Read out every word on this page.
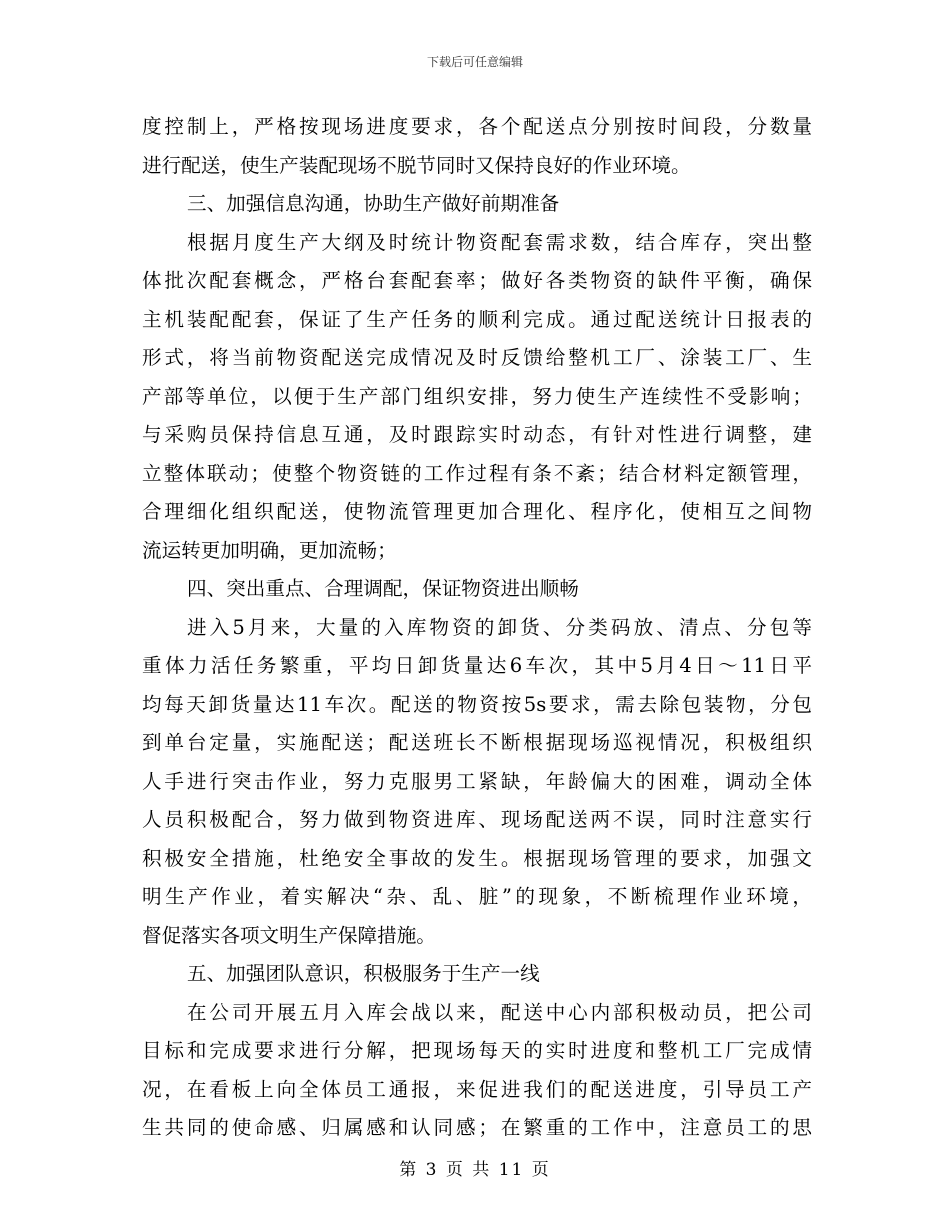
下载后可任意编辑
度控制上，严格按现场进度要求，各个配送点分别按时间段，分数量
进行配送，使生产装配现场不脱节同时又保持良好的作业环境。
三、加强信息沟通，协助生产做好前期准备
根据月度生产大纲及时统计物资配套需求数，结合库存，突出整
体批次配套概念，严格台套配套率；做好各类物资的缺件平衡，确保
主机装配配套，保证了生产任务的顺利完成。通过配送统计日报表的
形式，将当前物资配送完成情况及时反馈给整机工厂、涂装工厂、生
产部等单位，以便于生产部门组织安排，努力使生产连续性不受影响；
与采购员保持信息互通，及时跟踪实时动态，有针对性进行调整，建
立整体联动；使整个物资链的工作过程有条不紊；结合材料定额管理，
合理细化组织配送，使物流管理更加合理化、程序化，使相互之间物
流运转更加明确，更加流畅；
四、突出重点、合理调配，保证物资进出顺畅
进入5月来，大量的入库物资的卸货、分类码放、清点、分包等
重体力活任务繁重，平均日卸货量达6车次，其中5月4日～11日平
均每天卸货量达11车次。配送的物资按5s要求，需去除包装物，分包
到单台定量，实施配送；配送班长不断根据现场巡视情况，积极组织
人手进行突击作业，努力克服男工紧缺，年龄偏大的困难，调动全体
人员积极配合，努力做到物资进库、现场配送两不误，同时注意实行
积极安全措施，杜绝安全事故的发生。根据现场管理的要求，加强文
明生产作业，着实解决“杂、乱、脏”的现象，不断梳理作业环境，
督促落实各项文明生产保障措施。
五、加强团队意识，积极服务于生产一线
在公司开展五月入库会战以来，配送中心内部积极动员，把公司
目标和完成要求进行分解，把现场每天的实时进度和整机工厂完成情
况，在看板上向全体员工通报，来促进我们的配送进度，引导员工产
生共同的使命感、归属感和认同感；在繁重的工作中，注意员工的思
第 3 页 共 11 页
